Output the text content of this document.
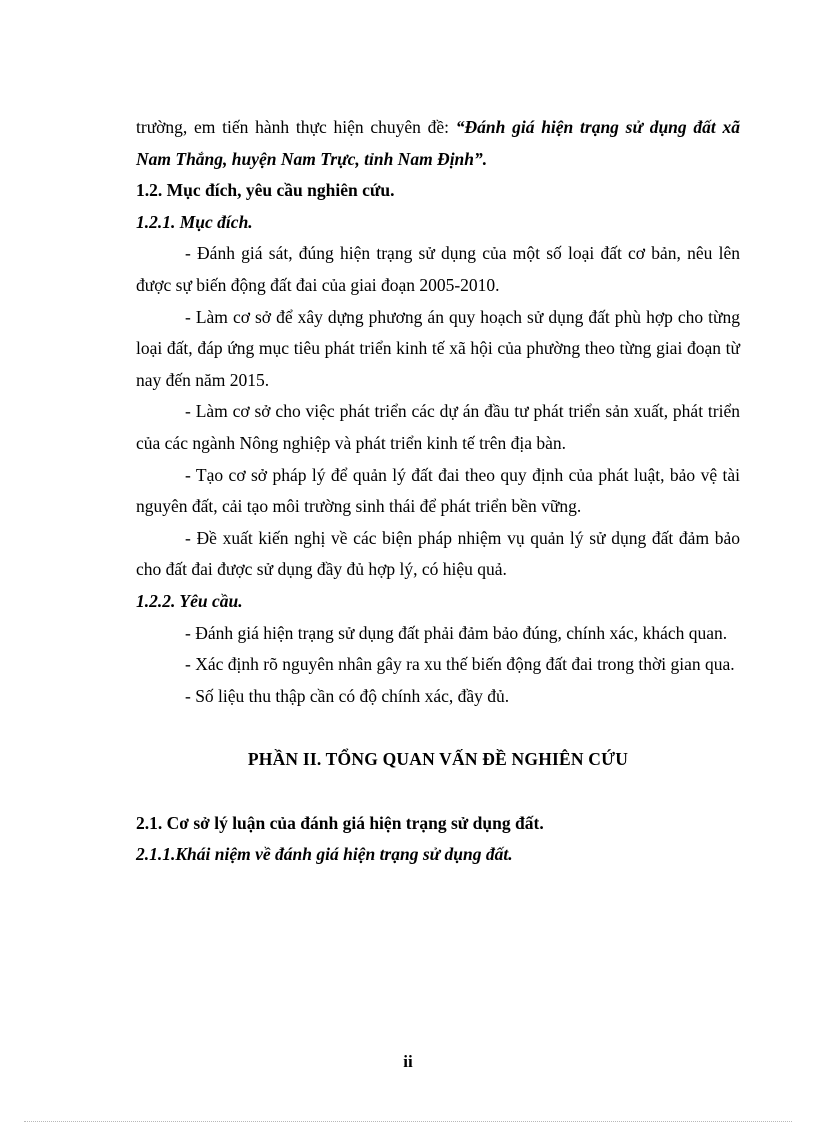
trường, em tiến hành thực hiện chuyên đề: “Đánh giá hiện trạng sử dụng đất xã Nam Thắng, huyện Nam Trực, tỉnh Nam Định”.

1.2. Mục đích, yêu cầu nghiên cứu.

1.2.1. Mục đích.

- Đánh giá sát, đúng hiện trạng sử dụng của một số loại đất cơ bản, nêu lên được sự biến động đất đai của giai đoạn 2005-2010.

- Làm cơ sở để xây dựng phương án quy hoạch sử dụng đất phù hợp cho từng loại đất, đáp ứng mục tiêu phát triển kinh tế xã hội của phường theo từng giai đoạn từ nay đến năm 2015.

- Làm cơ sở cho việc phát triển các dự án đầu tư phát triển sản xuất, phát triển của các ngành Nông nghiệp và phát triển kinh tế trên địa bàn.

- Tạo cơ sở pháp lý để quản lý đất đai theo quy định của phát luật, bảo vệ tài nguyên đất, cải tạo môi trường sinh thái để phát triển bền vững.

- Đề xuất kiến nghị về các biện pháp nhiệm vụ quản lý sử dụng đất đảm bảo cho đất đai được sử dụng đầy đủ hợp lý, có hiệu quả.

1.2.2. Yêu cầu.

- Đánh giá hiện trạng sử dụng đất phải đảm bảo đúng, chính xác, khách quan.

- Xác định rõ nguyên nhân gây ra xu thế biến động đất đai trong thời gian qua.

- Số liệu thu thập cần có độ chính xác, đầy đủ.

PHẦN II. TỔNG QUAN VẤN ĐỀ NGHIÊN CỨU

2.1. Cơ sở lý luận của đánh giá hiện trạng sử dụng đất.

2.1.1.Khái niệm về đánh giá hiện trạng sử dụng đất.

ii
